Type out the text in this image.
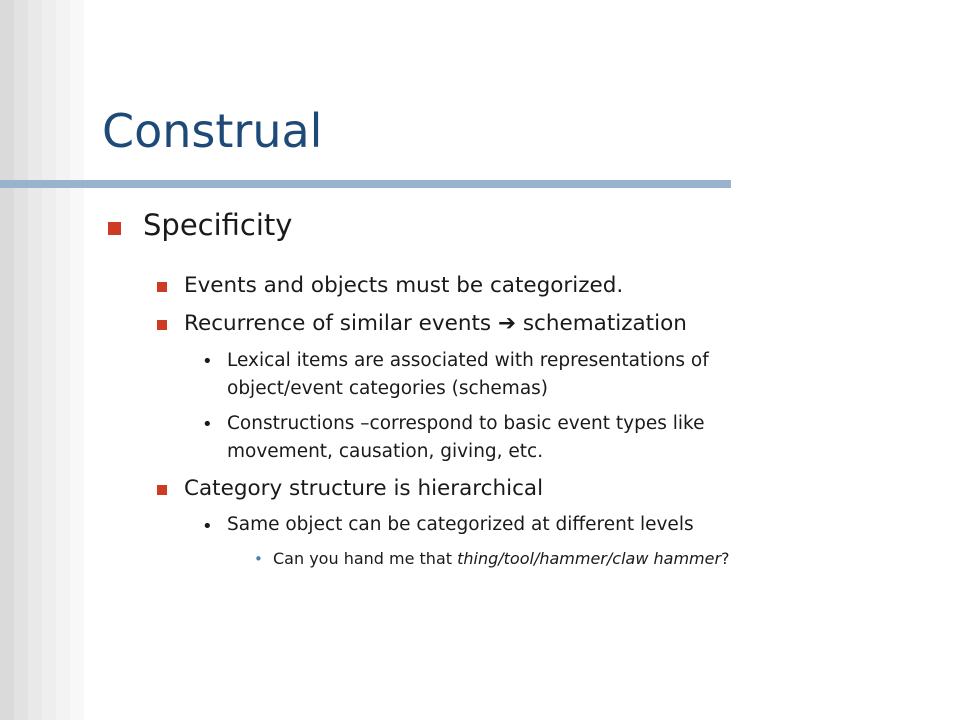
Construal
Specificity
Events and objects must be categorized.
Recurrence of similar events ➔ schematization
• Lexical items are associated with representations of
object/event categories (schemas)
• Constructions –correspond to basic event types like
movement, causation, giving, etc.
Category structure is hierarchical
• Same object can be categorized at different levels
• Can you hand me that thing/tool/hammer/claw hammer?
